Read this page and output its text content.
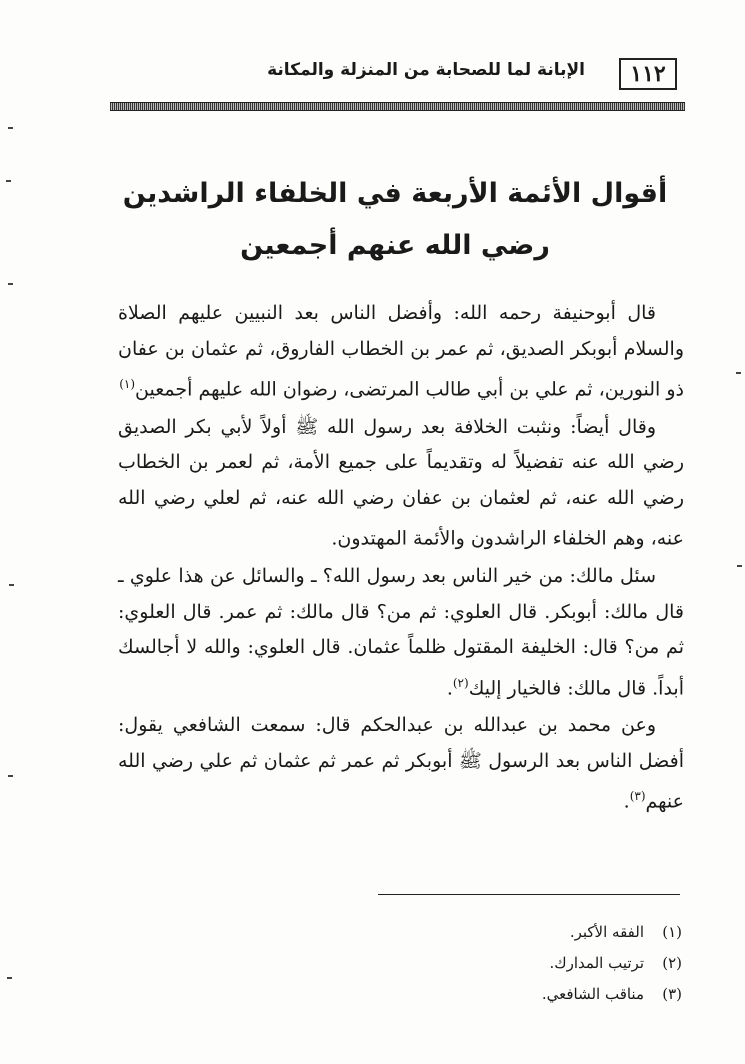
١١٢
الإبانة لما للصحابة من المنزلة والمكانة
أقوال الأئمة الأربعة في الخلفاء الراشدين
رضي الله عنهم أجمعين

قال أبوحنيفة رحمه الله: وأفضل الناس بعد النبيين عليهم الصلاة والسلام أبوبكر الصديق، ثم عمر بن الخطاب الفاروق، ثم عثمان بن عفان ذو النورين، ثم علي بن أبي طالب المرتضى، رضوان الله عليهم أجمعين$^{(١)}$

وقال أيضاً: ونثبت الخلافة بعد رسول الله ﷺ أولاً لأبي بكر الصديق رضي الله عنه تفضيلاً له وتقديماً على جميع الأمة، ثم لعمر بن الخطاب رضي الله عنه، ثم لعثمان بن عفان رضي الله عنه، ثم لعلي رضي الله عنه، وهم الخلفاء الراشدون والأئمة المهتدون.

سئل مالك: من خير الناس بعد رسول الله؟ ـ والسائل عن هذا علوي ـ قال مالك: أبوبكر. قال العلوي: ثم من؟ قال مالك: ثم عمر. قال العلوي: ثم من؟ قال: الخليفة المقتول ظلماً عثمان. قال العلوي: والله لا أجالسك أبداً. قال مالك: فالخيار إليك$^{(٢)}$.

وعن محمد بن عبدالله بن عبدالحكم قال: سمعت الشافعي يقول: أفضل الناس بعد الرسول ﷺ أبوبكر ثم عمر ثم عثمان ثم علي رضي الله عنهم$^{(٣)}$.

(١)
الفقه الأكبر.
(٢)
ترتيب المدارك.
(٣)
مناقب الشافعي.
